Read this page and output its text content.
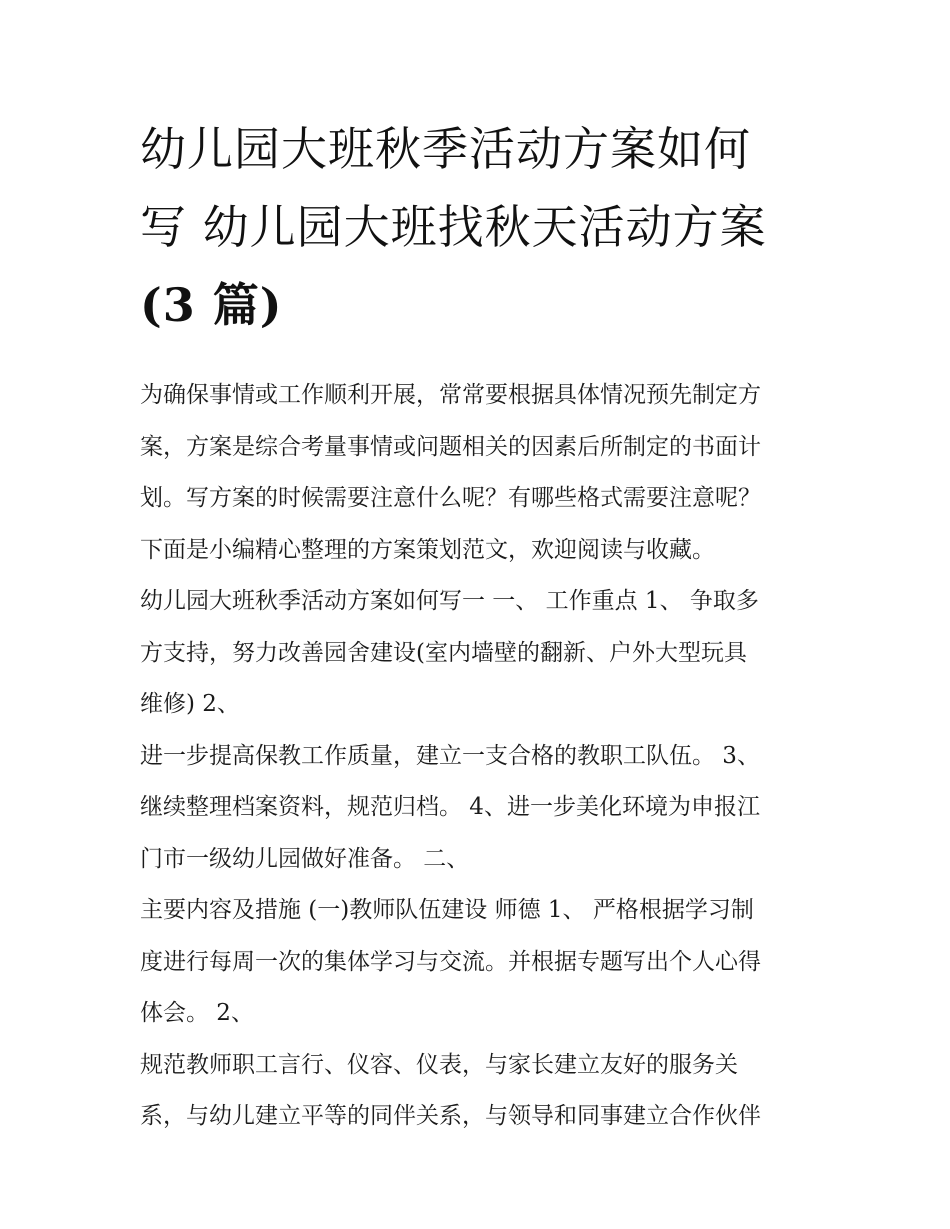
幼儿园大班秋季活动方案如何
写 幼儿园大班找秋天活动方案
(3 篇)
为确保事情或工作顺利开展，常常要根据具体情况预先制定方
案，方案是综合考量事情或问题相关的因素后所制定的书面计
划。写方案的时候需要注意什么呢？有哪些格式需要注意呢？
下面是小编精心整理的方案策划范文，欢迎阅读与收藏。
幼儿园大班秋季活动方案如何写一 一、 工作重点 1、 争取多
方支持，努力改善园舍建设(室内墙壁的翻新、户外大型玩具
维修) 2、
进一步提高保教工作质量，建立一支合格的教职工队伍。 3、
继续整理档案资料，规范归档。 4、进一步美化环境为申报江
门市一级幼儿园做好准备。 二、
主要内容及措施 (一)教师队伍建设 师德 1、 严格根据学习制
度进行每周一次的集体学习与交流。并根据专题写出个人心得
体会。 2、
规范教师职工言行、仪容、仪表，与家长建立友好的服务关
系，与幼儿建立平等的同伴关系，与领导和同事建立合作伙伴
